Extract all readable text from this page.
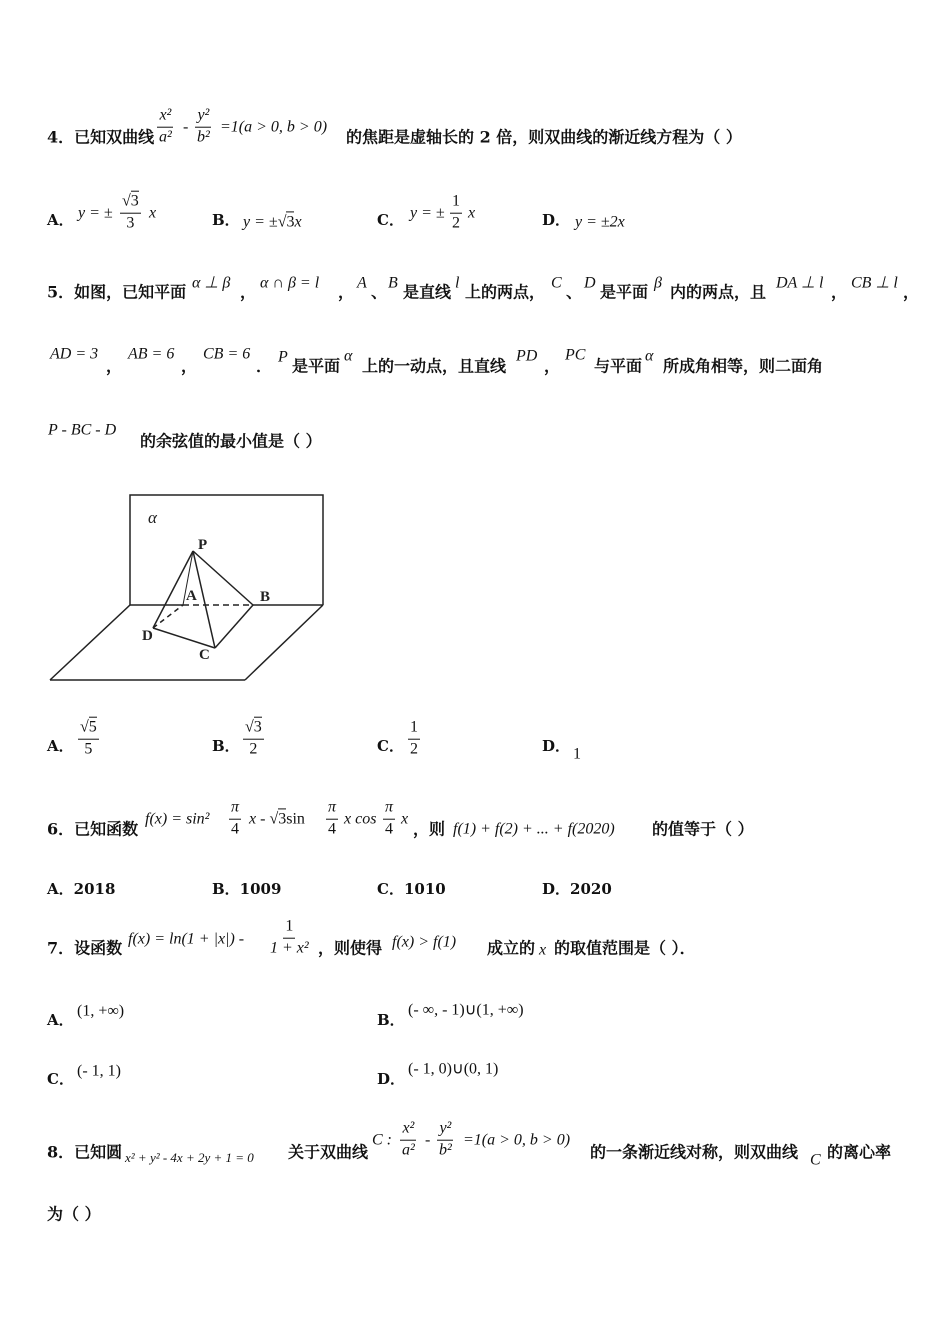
4．已知双曲线 $\frac{\text{x²}}{\text{a²}} - \frac{\text{y²}}{\text{b²}} =1(a > 0$, b > 0)
的焦距是虚轴长的 2 倍，则双曲线的渐近线方程为（ ）
A． y = ± $\frac{√3}{3}$ x	B． y = ±√3x	C． y = ± $\frac{1}{2}$ x	D． y = ±2x
5．如图，已知平面 α ⊥ β ， α ∩ β = l ， A 、 B 是直线 l 上的两点， C 、 D 是平面 β 内的两点，且 DA ⊥ l ， CB ⊥ l ，
AD = 3
，
AB = 6
，
CB = 6
． P 是平面
α
上的一动点，且直线
PD
，
PC
与平面
α
所成角相等，则二面角
P - BC - D
的余弦值的最小值是（ ）
α
P
A	B
D
C
A． $\frac{√5}{5}$	B． $\frac{√3}{2}$	C． $\frac{1}{2}$	D． 1
6．已知函数
$f(x) = \sin^2 \frac{\pi}{4}$ x - $√3\sin \frac{\pi}{4}$ x $\cos \frac{\pi}{4}$ x
，则 f(1) + f(2) + ... + f(2020) 的值等于（ ）
A．2018	B．1009	C．1010	D．2020
7．设函数 $f(x) = \ln(1 + |x|) - \frac{1}{\text{1 + x²}}$ ，则使得 f(x) > f(1) 成立的 x 的取值范围是（ ）．
A．
(1, +∞)
B．
(- ∞, - 1)∪(1, +∞)
C． (- 1, 1)	D．
(- 1, 0)∪(0, 1)
8．已知圆 x² + y² - 4x + 2y + 1 = 0 关于双曲线
C : $\frac{\text{x²}}{\text{a²}} - \frac{\text{y²}}{\text{b²}} =1(a > 0$, b > 0)
的一条渐近线对称，则双曲线 C 的离心率
为（ ）
